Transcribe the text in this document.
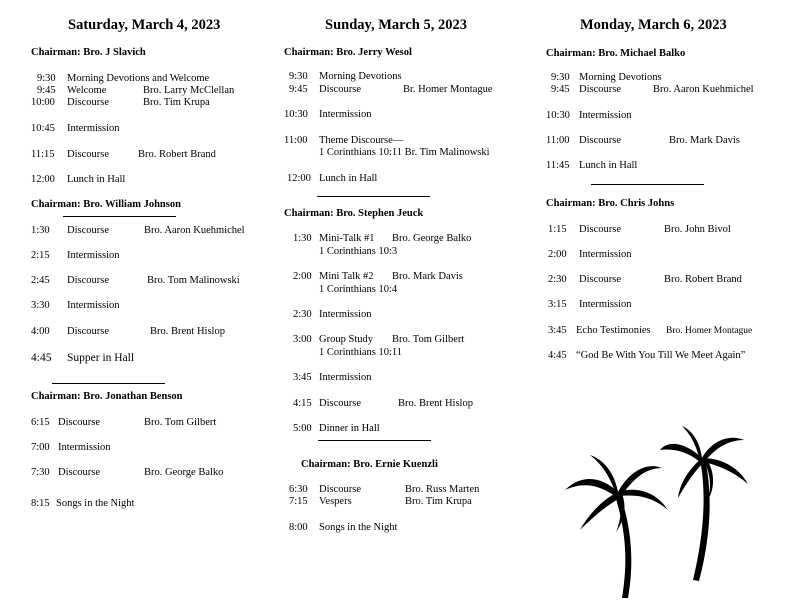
Saturday, March 4, 2023
Chairman: Bro. J Slavich
9:30 Morning Devotions and Welcome
9:45 Welcome	Bro. Larry McClellan
10:00 Discourse	Bro. Tim Krupa
10:45 Intermission
11:15 Discourse	Bro. Robert Brand
12:00 Lunch in Hall
Chairman: Bro. William Johnson
1:30 Discourse	Bro. Aaron Kuehmichel
2:15 Intermission
2:45 Discourse	Bro. Tom Malinowski
3:30 Intermission
4:00 Discourse	Bro. Brent Hislop
4:45 Supper in Hall
Chairman: Bro. Jonathan Benson
6:15 Discourse	Bro. Tom Gilbert
7:00 Intermission
7:30 Discourse	Bro. George Balko
8:15 Songs in the Night
Sunday, March 5, 2023
Chairman: Bro. Jerry Wesol
9:30 Morning Devotions
9:45 Discourse	Br. Homer Montague
10:30 Intermission
11:00 Theme Discourse—
1 Corinthians 10:11 Br. Tim Malinowski
12:00 Lunch in Hall
Chairman: Bro. Stephen Jeuck
1:30 Mini-Talk #1 Bro. George Balko
1 Corinthians 10:3
2:00 Mini Talk #2 Bro. Mark Davis
1 Corinthians 10:4
2:30 Intermission
3:00 Group Study Bro. Tom Gilbert
1 Corinthians 10:11
3:45 Intermission
4:15 Discourse	Bro. Brent Hislop
5:00 Dinner in Hall
Chairman: Bro. Ernie Kuenzli
6:30 Discourse	Bro. Russ Marten
7:15 Vespers	Bro. Tim Krupa
8:00 Songs in the Night
Monday, March 6, 2023
Chairman: Bro. Michael Balko
9:30 Morning Devotions
9:45 Discourse	Bro. Aaron Kuehmichel
10:30 Intermission
11:00 Discourse	Bro. Mark Davis
11:45 Lunch in Hall
Chairman: Bro. Chris Johns
1:15 Discourse	Bro. John Bivol
2:00 Intermission
2:30 Discourse	Bro. Robert Brand
3:15 Intermission
3:45 Echo Testimonies Bro. Homer Montague
4:45 “God Be With You Till We Meet Again”
